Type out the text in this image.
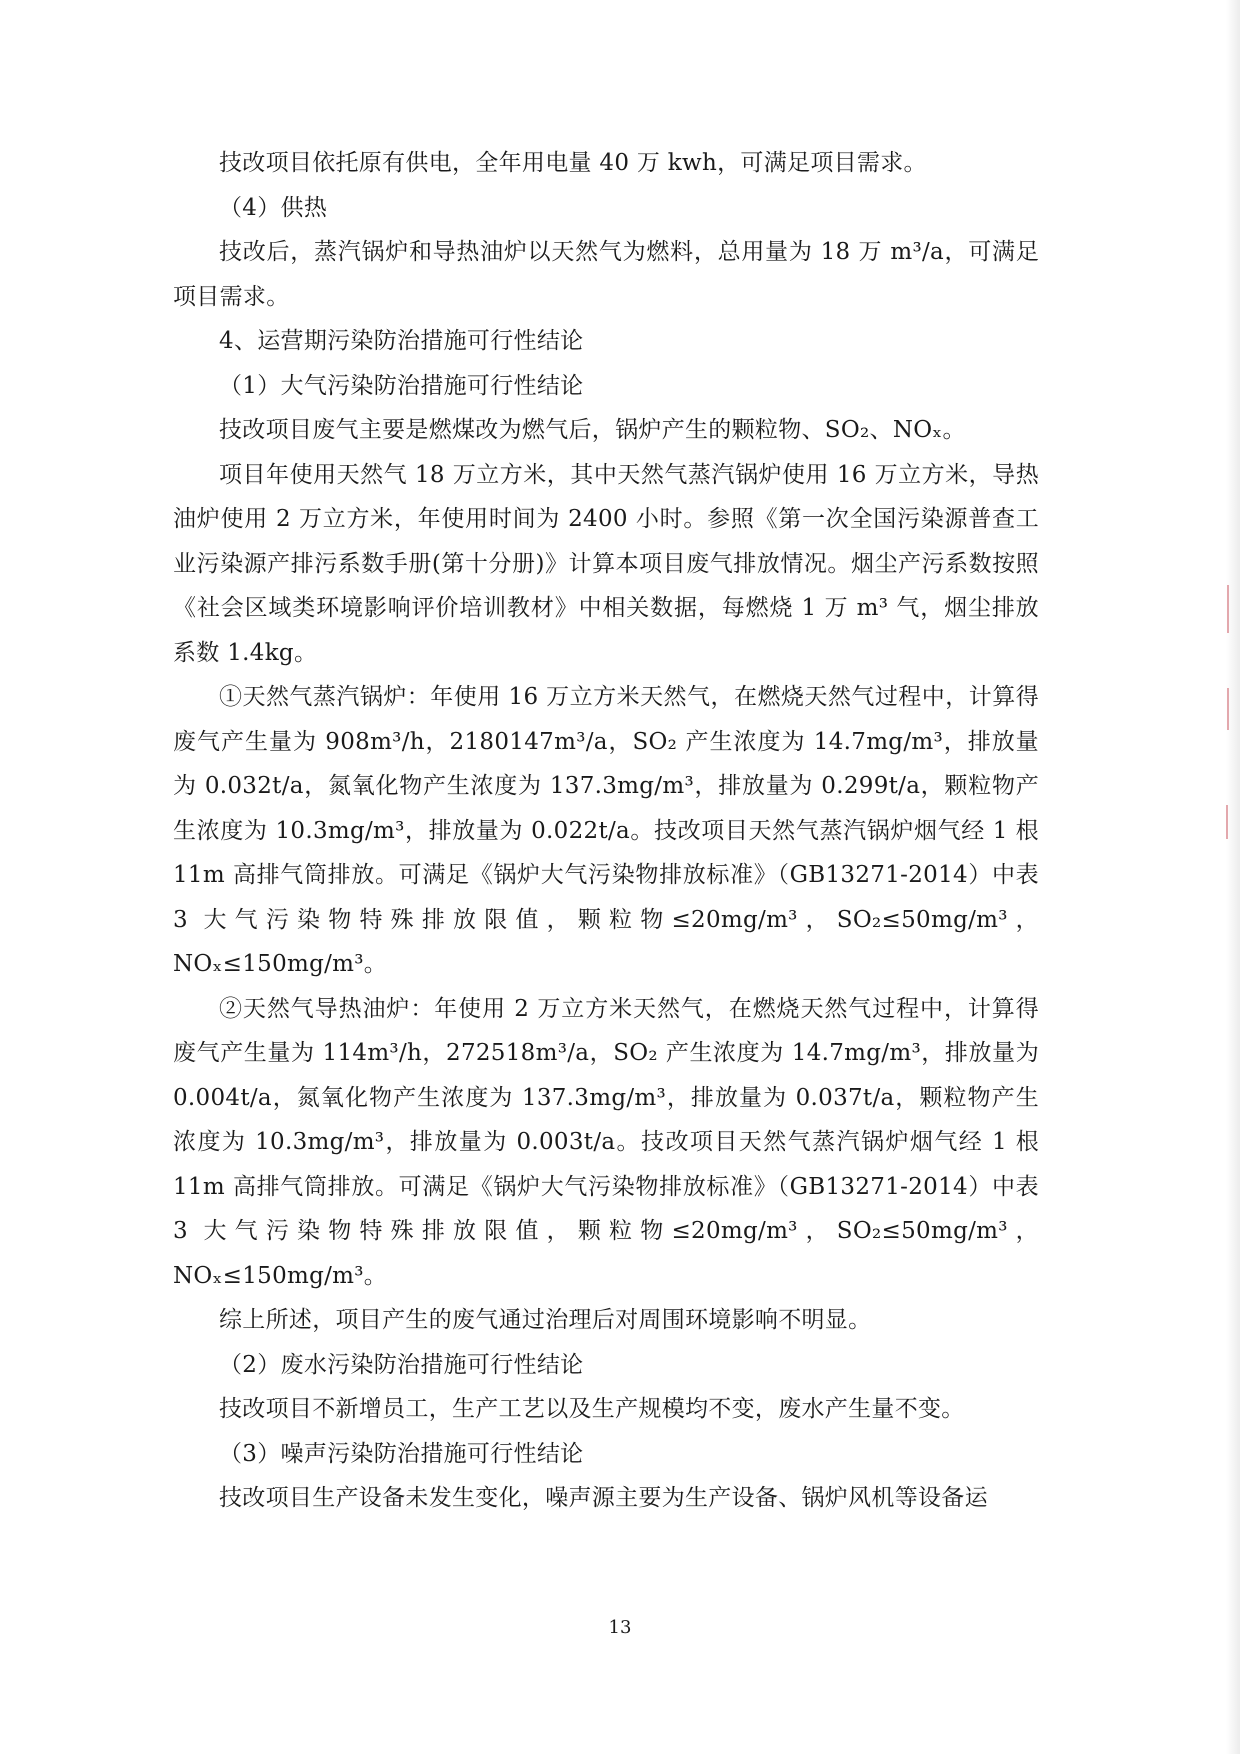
技改项目依托原有供电，全年用电量 40 万 kwh，可满足项目需求。

（4）供热

技改后，蒸汽锅炉和导热油炉以天然气为燃料，总用量为 18 万 m³/a，可满足项目需求。

4、运营期污染防治措施可行性结论

（1）大气污染防治措施可行性结论

技改项目废气主要是燃煤改为燃气后，锅炉产生的颗粒物、SO₂、NOₓ。

项目年使用天然气 18 万立方米，其中天然气蒸汽锅炉使用 16 万立方米，导热油炉使用 2 万立方米，年使用时间为 2400 小时。参照《第一次全国污染源普查工业污染源产排污系数手册(第十分册)》计算本项目废气排放情况。烟尘产污系数按照《社会区域类环境影响评价培训教材》中相关数据，每燃烧 1 万 m³ 气，烟尘排放系数 1.4kg。

①天然气蒸汽锅炉：年使用 16 万立方米天然气，在燃烧天然气过程中，计算得废气产生量为 908m³/h，2180147m³/a，SO₂ 产生浓度为 14.7mg/m³，排放量为 0.032t/a，氮氧化物产生浓度为 137.3mg/m³，排放量为 0.299t/a，颗粒物产生浓度为 10.3mg/m³，排放量为 0.022t/a。技改项目天然气蒸汽锅炉烟气经 1 根 11m 高排气筒排放。可满足《锅炉大气污染物排放标准》（GB13271-2014）中表 3 大气污染物特殊排放限值，颗粒物≤20mg/m³，SO₂≤50mg/m³，NOₓ≤150mg/m³。

②天然气导热油炉：年使用 2 万立方米天然气，在燃烧天然气过程中，计算得废气产生量为 114m³/h，272518m³/a，SO₂ 产生浓度为 14.7mg/m³，排放量为 0.004t/a，氮氧化物产生浓度为 137.3mg/m³，排放量为 0.037t/a，颗粒物产生浓度为 10.3mg/m³，排放量为 0.003t/a。技改项目天然气蒸汽锅炉烟气经 1 根 11m 高排气筒排放。可满足《锅炉大气污染物排放标准》（GB13271-2014）中表 3 大气污染物特殊排放限值，颗粒物≤20mg/m³，SO₂≤50mg/m³，NOₓ≤150mg/m³。

综上所述，项目产生的废气通过治理后对周围环境影响不明显。

（2）废水污染防治措施可行性结论

技改项目不新增员工，生产工艺以及生产规模均不变，废水产生量不变。

（3）噪声污染防治措施可行性结论

技改项目生产设备未发生变化，噪声源主要为生产设备、锅炉风机等设备运

13
